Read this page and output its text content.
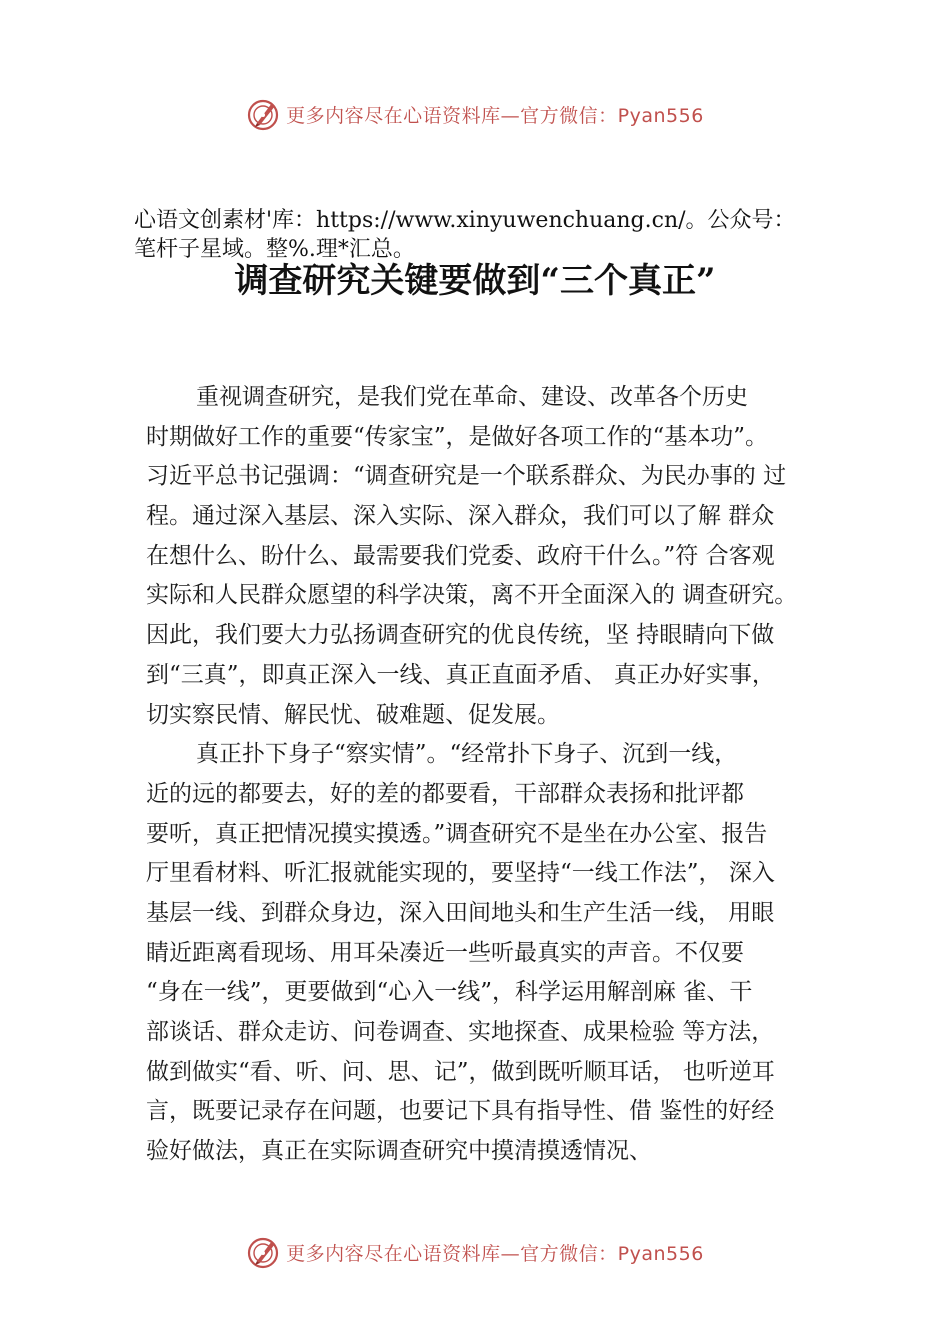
更多内容尽在心语资料库—官方微信：Pyan556
心语文创素材'库：https://www.xinyuwenchuang.cn/。公众号：
笔杆子星域。整%.理*汇总。
调查研究关键要做到“三个真正”
重视调查研究，是我们党在革命、建设、改革各个历史
时期做好工作的重要“传家宝”，是做好各项工作的“基本功”。
习近平总书记强调：“调查研究是一个联系群众、为民办事的 过
程。通过深入基层、深入实际、深入群众，我们可以了解 群众
在想什么、盼什么、最需要我们党委、政府干什么。”符 合客观
实际和人民群众愿望的科学决策，离不开全面深入的 调查研究。
因此，我们要大力弘扬调查研究的优良传统，坚 持眼睛向下做
到“三真”，即真正深入一线、真正直面矛盾、 真正办好实事，
切实察民情、解民忧、破难题、促发展。
真正扑下身子“察实情”。“经常扑下身子、沉到一线，
近的远的都要去，好的差的都要看，干部群众表扬和批评都
要听，真正把情况摸实摸透。”调查研究不是坐在办公室、报告
厅里看材料、听汇报就能实现的，要坚持“一线工作法”， 深入
基层一线、到群众身边，深入田间地头和生产生活一线， 用眼
睛近距离看现场、用耳朵凑近一些听最真实的声音。不仅要
“身在一线”，更要做到“心入一线”，科学运用解剖麻 雀、干
部谈话、群众走访、问卷调查、实地探查、成果检验 等方法，
做到做实“看、听、问、思、记”，做到既听顺耳话， 也听逆耳
言，既要记录存在问题，也要记下具有指导性、借 鉴性的好经
验好做法，真正在实际调查研究中摸清摸透情况、
更多内容尽在心语资料库—官方微信：Pyan556
